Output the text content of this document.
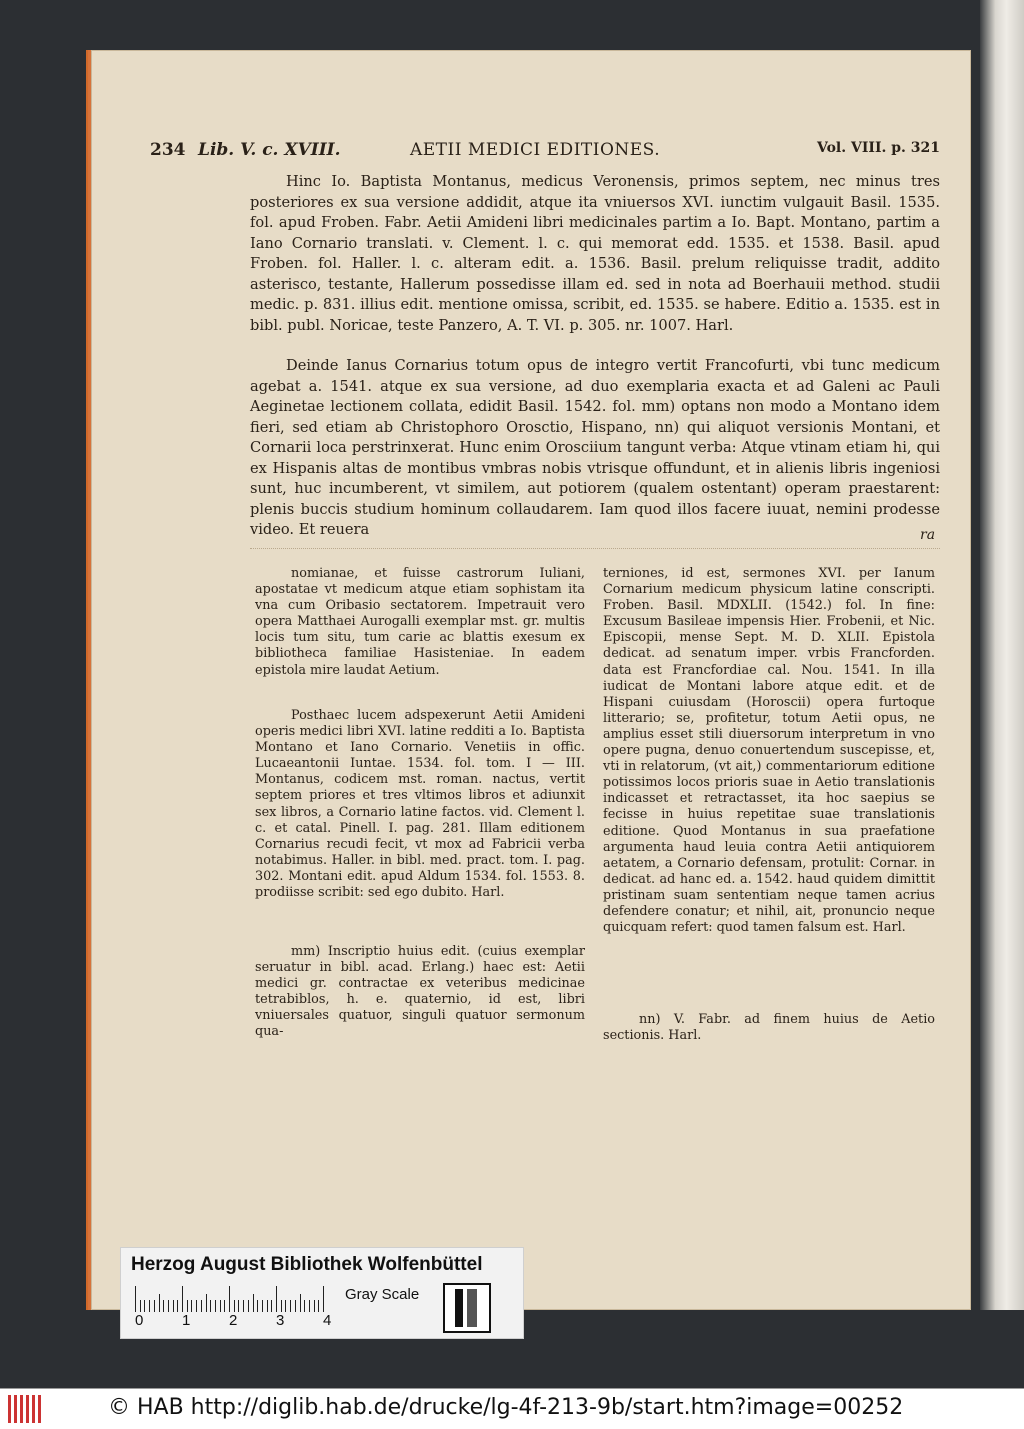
234 Lib. V. c. XVIII.	AETII MEDICI EDITIONES.	Vol. VIII. p. 321

Hinc Io. Baptista Montanus, medicus Veronensis, primos septem, nec minus tres posteriores ex sua versione addidit, atque ita vniuersos XVI. iunctim vulgauit Basil. 1535. fol. apud Froben. Fabr. Aetii Amideni libri medicinales partim a Io. Bapt. Montano, partim a Iano Cornario translati. v. Clement. l. c. qui memorat edd. 1535. et 1538. Basil. apud Froben. fol. Haller. l. c. alteram edit. a. 1536. Basil. prelum reliquisse tradit, addito asterisco, testante, Hallerum possedisse illam ed. sed in nota ad Boerhauii method. studii medic. p. 831. illius edit. mentione omissa, scribit, ed. 1535. se habere. Editio a. 1535. est in bibl. publ. Noricae, teste Panzero, A. T. VI. p. 305. nr. 1007. Harl.

Deinde Ianus Cornarius totum opus de integro vertit Francofurti, vbi tunc medicum agebat a. 1541. atque ex sua versione, ad duo exemplaria exacta et ad Galeni ac Pauli Aeginetae lectionem collata, edidit Basil. 1542. fol. mm) optans non modo a Montano idem fieri, sed etiam ab Christophoro Orosctio, Hispano, nn) qui aliquot versionis Montani, et Cornarii loca perstrinxerat. Hunc enim Orosciium tangunt verba: Atque vtinam etiam hi, qui ex Hispanis altas de montibus vmbras nobis vtrisque offundunt, et in alienis libris ingeniosi sunt, huc incumberent, vt similem, aut potiorem (qualem ostentant) operam praestarent: plenis buccis studium hominum collaudarem. Iam quod illos facere iuuat, nemini prodesse video. Et reuera	ra

nomianae, et fuisse castrorum Iuliani, apostatae vt medicum atque etiam sophistam ita vna cum Oribasio sectatorem. Impetrauit vero opera Matthaei Aurogalli exemplar mst. gr. multis locis tum situ, tum carie ac blattis exesum ex bibliotheca familiae Hasisteniae. In eadem epistola mire laudat Aetium.

Posthaec lucem adspexerunt Aetii Amideni operis medici libri XVI. latine redditi a Io. Baptista Montano et Iano Cornario. Venetiis in offic. Lucaeantonii Iuntae. 1534. fol. tom. I — III. Montanus, codicem mst. roman. nactus, vertit septem priores et tres vltimos libros et adiunxit sex libros, a Cornario latine factos. vid. Clement l. c. et catal. Pinell. I. pag. 281. Illam editionem Cornarius recudi fecit, vt mox ad Fabricii verba notabimus. Haller. in bibl. med. pract. tom. I. pag. 302. Montani edit. apud Aldum 1534. fol. 1553. 8. prodiisse scribit: sed ego dubito. Harl.

mm) Inscriptio huius edit. (cuius exemplar seruatur in bibl. acad. Erlang.) haec est: Aetii medici gr. contractae ex veteribus medicinae tetrabiblos, h. e. quaternio, id est, libri vniuersales quatuor, singuli quatuor sermonum qua-

terniones, id est, sermones XVI. per Ianum Cornarium medicum physicum latine conscripti. Froben. Basil. MDXLII. (1542.) fol. In fine: Excusum Basileae impensis Hier. Frobenii, et Nic. Episcopii, mense Sept. M. D. XLII. Epistola dedicat. ad senatum imper. vrbis Francforden. data est Francfordiae cal. Nou. 1541. In illa iudicat de Montani labore atque edit. et de Hispani cuiusdam (Horoscii) opera furtoque litterario; se, profitetur, totum Aetii opus, ne amplius esset stili diuersorum interpretum in vno opere pugna, denuo conuertendum suscepisse, et, vti in relatorum, (vt ait,) commentariorum editione potissimos locos prioris suae in Aetio translationis indicasset et retractasset, ita hoc saepius se fecisse in huius repetitae suae translationis editione. Quod Montanus in sua praefatione argumenta haud leuia contra Aetii antiquiorem aetatem, a Cornario defensam, protulit: Cornar. in dedicat. ad hanc ed. a. 1542. haud quidem dimittit pristinam suam sententiam neque tamen acrius defendere conatur; et nihil, ait, pronuncio neque quicquam refert: quod tamen falsum est. Harl.

nn) V. Fabr. ad finem huius de Aetio sectionis. Harl.

Herzog August Bibliothek Wolfenbüttel
0	1	2	3	4
Gray Scale
© HAB http://diglib.hab.de/drucke/lg-4f-213-9b/start.htm?image=00252
